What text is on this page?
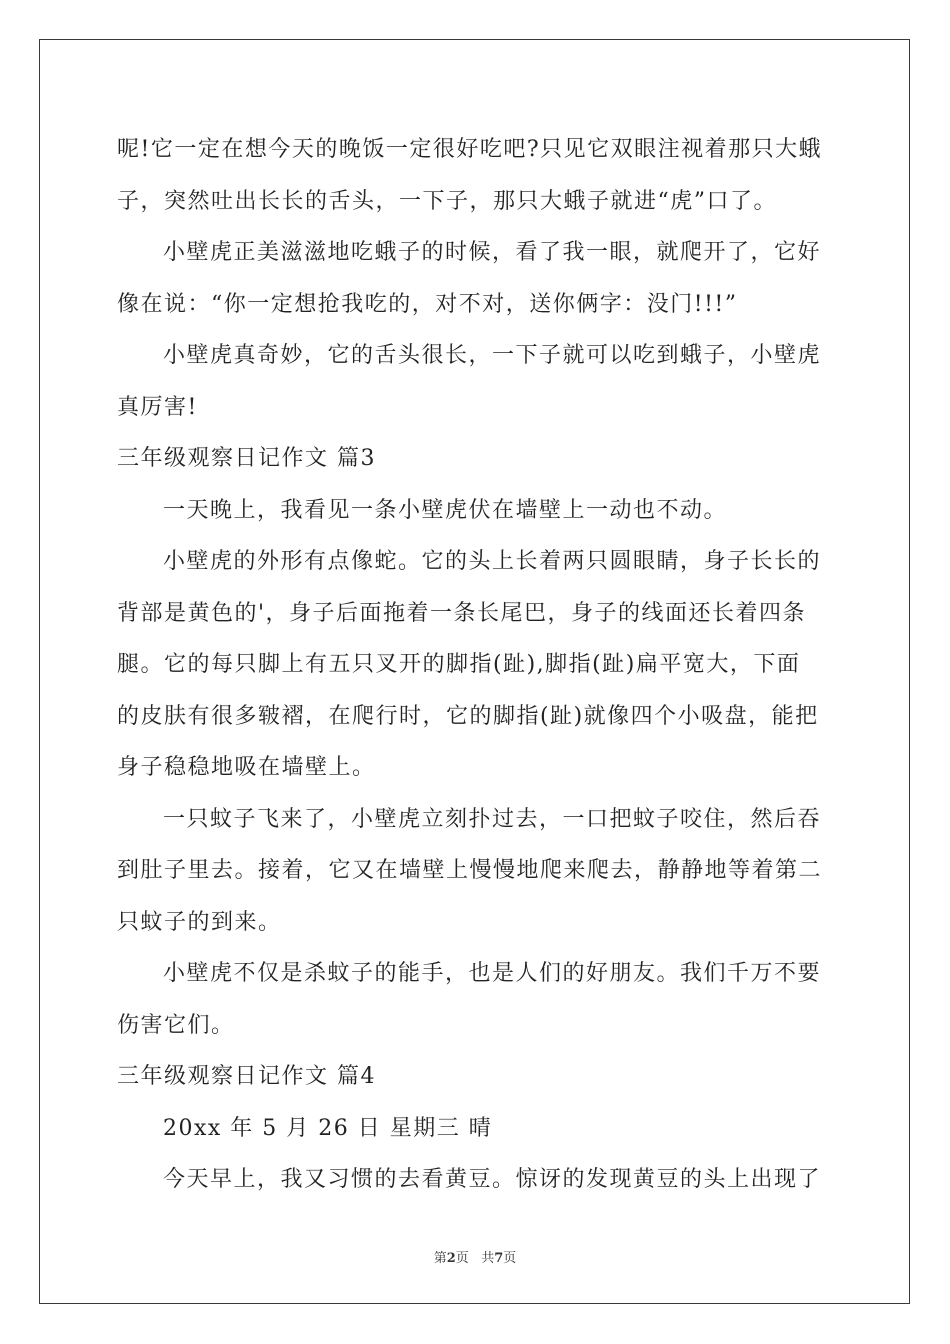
呢!它一定在想今天的晚饭一定很好吃吧?只见它双眼注视着那只大蛾
子，突然吐出长长的舌头，一下子，那只大蛾子就进“虎”口了。
小壁虎正美滋滋地吃蛾子的时候，看了我一眼，就爬开了，它好
像在说：“你一定想抢我吃的，对不对，送你俩字：没门!!!”
小壁虎真奇妙，它的舌头很长，一下子就可以吃到蛾子，小壁虎
真厉害!
三年级观察日记作文 篇3
一天晚上，我看见一条小壁虎伏在墙壁上一动也不动。
小壁虎的外形有点像蛇。它的头上长着两只圆眼睛，身子长长的
背部是黄色的'，身子后面拖着一条长尾巴，身子的线面还长着四条
腿。它的每只脚上有五只叉开的脚指(趾),脚指(趾)扁平宽大，下面
的皮肤有很多皲褶，在爬行时，它的脚指(趾)就像四个小吸盘，能把
身子稳稳地吸在墙壁上。
一只蚊子飞来了，小壁虎立刻扑过去，一口把蚊子咬住，然后吞
到肚子里去。接着，它又在墙壁上慢慢地爬来爬去，静静地等着第二
只蚊子的到来。
小壁虎不仅是杀蚊子的能手，也是人们的好朋友。我们千万不要
伤害它们。
三年级观察日记作文 篇4
20xx 年 5 月 26 日 星期三 晴
今天早上，我又习惯的去看黄豆。惊讶的发现黄豆的头上出现了
第2页   共7页
